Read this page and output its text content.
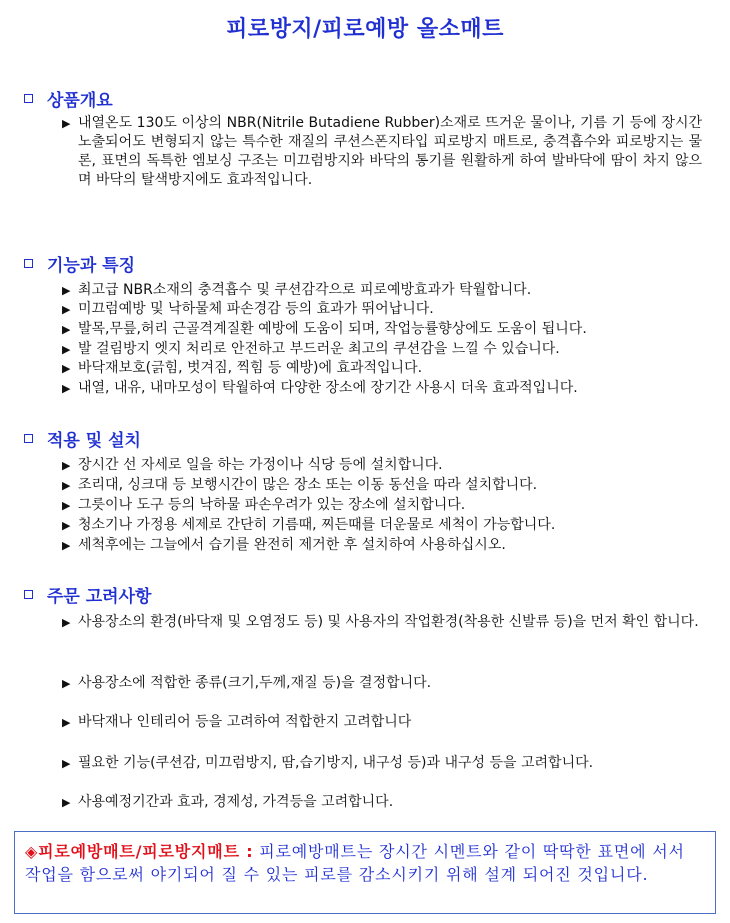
피로방지/피로예방 올소매트
상품개요
▶ 내열온도 130도 이상의 NBR(Nitrile Butadiene Rubber)소재로 뜨거운 물이나, 기름 기 등에 장시간 노출되어도 변형되지 않는 특수한 재질의 쿠션스폰지타입 피로방지 매트로, 충격흡수와 피로방지는 물론, 표면의 독특한 엠보싱 구조는 미끄럼방지와 바닥의 통기를 원활하게 하여 발바닥에 땀이 차지 않으며 바닥의 탈색방지에도 효과적입니다.
기능과 특징
▶ 최고급 NBR소재의 충격흡수 및 쿠션감각으로 피로예방효과가 탁월합니다.
▶ 미끄럼예방 및 낙하물체 파손경감 등의 효과가 뛰어납니다.
▶ 발목,무릎,허리 근골격계질환 예방에 도움이 되며, 작업능률향상에도 도움이 됩니다.
▶ 발 걸림방지 엣지 처리로 안전하고 부드러운 최고의 쿠션감을 느낄 수 있습니다.
▶ 바닥재보호(긁힘, 벗겨짐, 찍힘 등 예방)에 효과적입니다.
▶ 내열, 내유, 내마모성이 탁월하여 다양한 장소에 장기간 사용시 더욱 효과적입니다.
적용 및 설치
▶ 장시간 선 자세로 일을 하는 가정이나 식당 등에 설치합니다.
▶ 조리대, 싱크대 등 보행시간이 많은 장소 또는 이동 동선을 따라 설치합니다.
▶ 그릇이나 도구 등의 낙하물 파손우려가 있는 장소에 설치합니다.
▶ 청소기나 가정용 세제로 간단히 기름때, 찌든때를 더운물로 세척이 가능합니다.
▶ 세척후에는 그늘에서 습기를 완전히 제거한 후 설치하여 사용하십시오.
주문 고려사항
▶ 사용장소의 환경(바닥재 및 오염정도 등) 및 사용자의 작업환경(착용한 신발류 등)을 먼저 확인 합니다.
▶ 사용장소에 적합한 종류(크기,두께,재질 등)을 결정합니다.
▶ 바닥재나 인테리어 등을 고려하여 적합한지 고려합니다
▶ 필요한 기능(쿠션감, 미끄럼방지, 땀,습기방지, 내구성 등)과 내구성 등을 고려합니다.
▶ 사용예정기간과 효과, 경제성, 가격등을 고려합니다.
◈피로예방매트/피로방지매트 : 피로예방매트는 장시간 시멘트와 같이 딱딱한 표면에 서서 작업을 함으로써 야기되어 질 수 있는 피로를 감소시키기 위해 설계 되어진 것입니다.
